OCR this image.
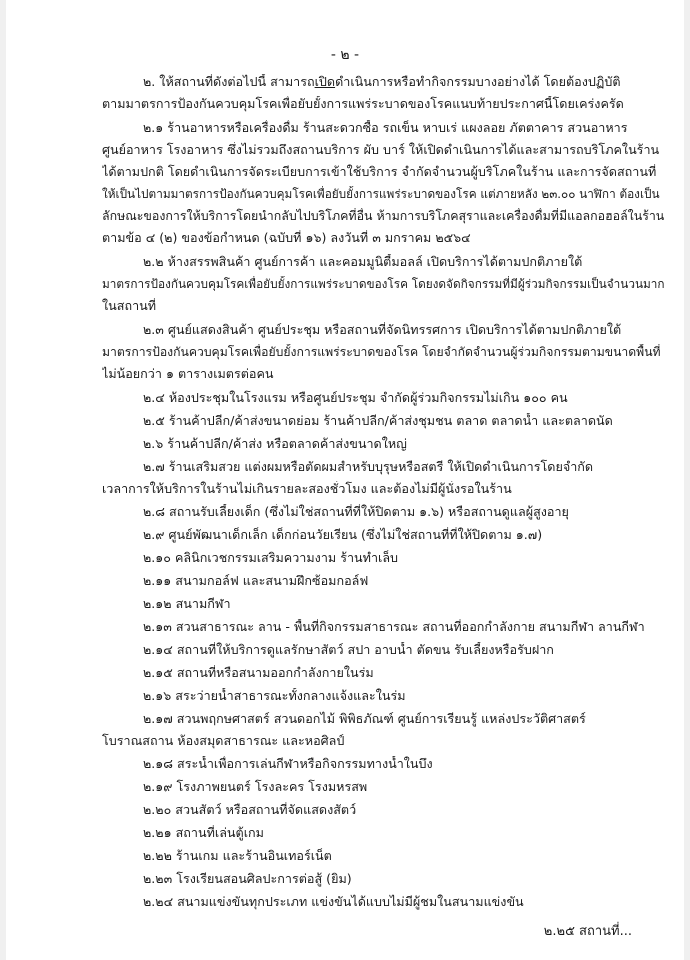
- ๒ -
๒. ให้สถานที่ดังต่อไปนี้ สามารถเปิดดำเนินการหรือทำกิจกรรมบางอย่างได้ โดยต้องปฏิบัติ
ตามมาตรการป้องกันควบคุมโรคเพื่อยับยั้งการแพร่ระบาดของโรคแนบท้ายประกาศนี้โดยเคร่งครัด
๒.๑ ร้านอาหารหรือเครื่องดื่ม ร้านสะดวกซื้อ รถเข็น หาบเร่ แผงลอย ภัตตาคาร สวนอาหาร
ศูนย์อาหาร โรงอาหาร ซึ่งไม่รวมถึงสถานบริการ ผับ บาร์ ให้เปิดดำเนินการได้และสามารถบริโภคในร้าน
ได้ตามปกติ โดยดำเนินการจัดระเบียบการเข้าใช้บริการ จำกัดจำนวนผู้บริโภคในร้าน และการจัดสถานที่
ให้เป็นไปตามมาตรการป้องกันควบคุมโรคเพื่อยับยั้งการแพร่ระบาดของโรค แต่ภายหลัง ๒๓.๐๐ นาฬิกา ต้องเป็น
ลักษณะของการให้บริการโดยนำกลับไปบริโภคที่อื่น ห้ามการบริโภคสุราและเครื่องดื่มที่มีแอลกอฮอล์ในร้าน
ตามข้อ ๔ (๒) ของข้อกำหนด (ฉบับที่ ๑๖) ลงวันที่ ๓ มกราคม ๒๕๖๔
๒.๒ ห้างสรรพสินค้า ศูนย์การค้า และคอมมูนิตี้มอลล์ เปิดบริการได้ตามปกติภายใต้
มาตรการป้องกันควบคุมโรคเพื่อยับยั้งการแพร่ระบาดของโรค โดยงดจัดกิจกรรมที่มีผู้ร่วมกิจกรรมเป็นจำนวนมาก
ในสถานที่
๒.๓ ศูนย์แสดงสินค้า ศูนย์ประชุม หรือสถานที่จัดนิทรรศการ เปิดบริการได้ตามปกติภายใต้
มาตรการป้องกันควบคุมโรคเพื่อยับยั้งการแพร่ระบาดของโรค โดยจำกัดจำนวนผู้ร่วมกิจกรรมตามขนาดพื้นที่
ไม่น้อยกว่า ๑ ตารางเมตรต่อคน
๒.๔ ห้องประชุมในโรงแรม หรือศูนย์ประชุม จำกัดผู้ร่วมกิจกรรมไม่เกิน ๑๐๐ คน
๒.๕ ร้านค้าปลีก/ค้าส่งขนาดย่อม ร้านค้าปลีก/ค้าส่งชุมชน ตลาด ตลาดน้ำ และตลาดนัด
๒.๖ ร้านค้าปลีก/ค้าส่ง หรือตลาดค้าส่งขนาดใหญ่
๒.๗ ร้านเสริมสวย แต่งผมหรือตัดผมสำหรับบุรุษหรือสตรี ให้เปิดดำเนินการโดยจำกัด
เวลาการให้บริการในร้านไม่เกินรายละสองชั่วโมง และต้องไม่มีผู้นั่งรอในร้าน
๒.๘ สถานรับเลี้ยงเด็ก (ซึ่งไม่ใช่สถานที่ที่ให้ปิดตาม ๑.๖) หรือสถานดูแลผู้สูงอายุ
๒.๙ ศูนย์พัฒนาเด็กเล็ก เด็กก่อนวัยเรียน (ซึ่งไม่ใช่สถานที่ที่ให้ปิดตาม ๑.๗)
๒.๑๐ คลินิกเวชกรรมเสริมความงาม ร้านทำเล็บ
๒.๑๑ สนามกอล์ฟ และสนามฝึกซ้อมกอล์ฟ
๒.๑๒ สนามกีฬา
๒.๑๓ สวนสาธารณะ ลาน - พื้นที่กิจกรรมสาธารณะ สถานที่ออกกำลังกาย สนามกีฬา ลานกีฬา
๒.๑๔ สถานที่ให้บริการดูแลรักษาสัตว์ สปา อาบน้ำ ตัดขน รับเลี้ยงหรือรับฝาก
๒.๑๕ สถานที่หรือสนามออกกำลังกายในร่ม
๒.๑๖ สระว่ายน้ำสาธารณะทั้งกลางแจ้งและในร่ม
๒.๑๗ สวนพฤกษศาสตร์ สวนดอกไม้ พิพิธภัณฑ์ ศูนย์การเรียนรู้ แหล่งประวัติศาสตร์
โบราณสถาน ห้องสมุดสาธารณะ และหอศิลป์
๒.๑๘ สระน้ำเพื่อการเล่นกีฬาหรือกิจกรรมทางน้ำในบึง
๒.๑๙ โรงภาพยนตร์ โรงละคร โรงมหรสพ
๒.๒๐ สวนสัตว์ หรือสถานที่จัดแสดงสัตว์
๒.๒๑ สถานที่เล่นตู้เกม
๒.๒๒ ร้านเกม และร้านอินเทอร์เน็ต
๒.๒๓ โรงเรียนสอนศิลปะการต่อสู้ (ยิม)
๒.๒๔ สนามแข่งขันทุกประเภท แข่งขันได้แบบไม่มีผู้ชมในสนามแข่งขัน
๒.๒๕ สถานที่...
